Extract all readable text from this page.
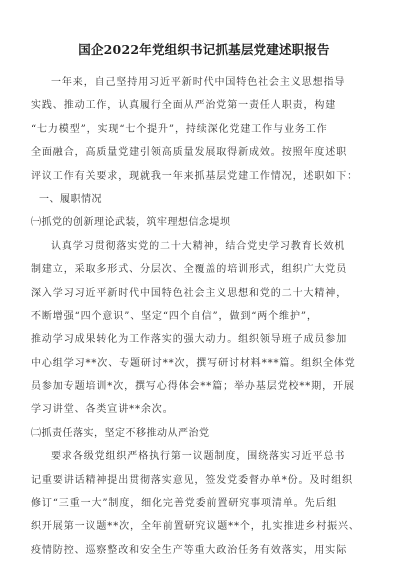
国企2022年党组织书记抓基层党建述职报告
一年来，自己坚持用习近平新时代中国特色社会主义思想指导
实践、推动工作，认真履行全面从严治党第一责任人职责，构建
“七力模型”，实现“七个提升”，持续深化党建工作与业务工作
全面融合，高质量党建引领高质量发展取得新成效。按照年度述职
评议工作有关要求，现就我一年来抓基层党建工作情况，述职如下：
一、履职情况
㈠抓党的创新理论武装，筑牢理想信念堤坝
认真学习贯彻落实党的二十大精神，结合党史学习教育长效机
制建立，采取多形式、分层次、全覆盖的培训形式，组织广大党员
深入学习习近平新时代中国特色社会主义思想和党的二十大精神，
不断增强“四个意识”、坚定“四个自信”，做到“两个维护”，
推动学习成果转化为工作落实的强大动力。组织领导班子成员参加
中心组学习**次、专题研讨**次，撰写研讨材料***篇。组织全体党
员参加专题培训*次，撰写心得体会**篇；举办基层党校**期，开展
学习讲堂、各类宣讲**余次。
㈡抓责任落实，坚定不移推动从严治党
要求各级党组织严格执行第一议题制度，围绕落实习近平总书
记重要讲话精神提出贯彻落实意见，签发党委督办单*份。及时组织
修订“三重一大”制度，细化完善党委前置研究事项清单。先后组
织开展第一议题**次，全年前置研究议题**个，扎实推进乡村振兴、
疫情防控、巡察整改和安全生产等重大政治任务有效落实，用实际
